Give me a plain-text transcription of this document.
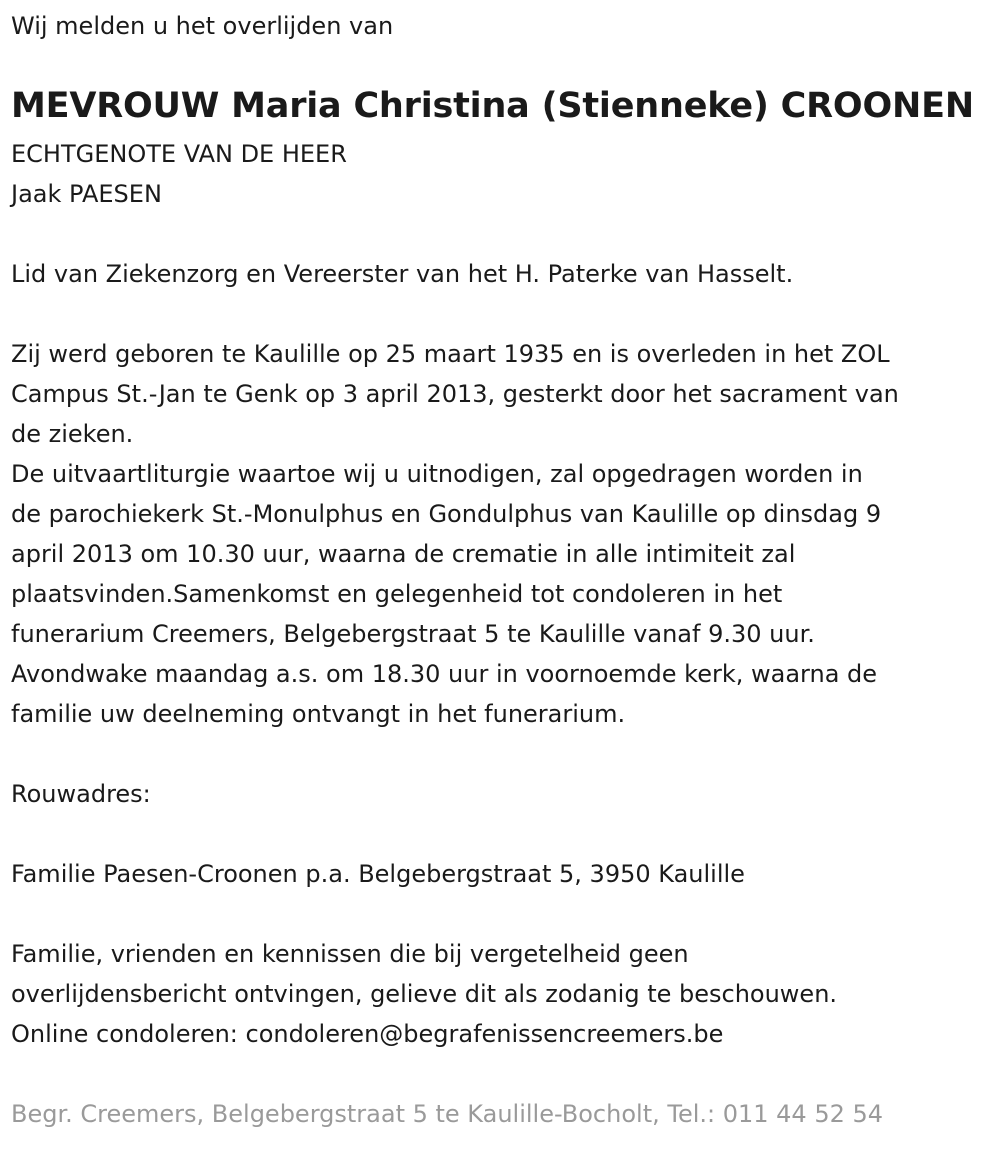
Wij melden u het overlijden van
MEVROUW Maria Christina (Stienneke) CROONEN
ECHTGENOTE VAN DE HEER
Jaak PAESEN
Lid van Ziekenzorg en Vereerster van het H. Paterke van Hasselt.
Zij werd geboren te Kaulille op 25 maart 1935 en is overleden in het ZOL
Campus St.-Jan te Genk op 3 april 2013, gesterkt door het sacrament van
de zieken.
De uitvaartliturgie waartoe wij u uitnodigen, zal opgedragen worden in
de parochiekerk St.-Monulphus en Gondulphus van Kaulille op dinsdag 9
april 2013 om 10.30 uur, waarna de crematie in alle intimiteit zal
plaatsvinden.Samenkomst en gelegenheid tot condoleren in het
funerarium Creemers, Belgebergstraat 5 te Kaulille vanaf 9.30 uur.
Avondwake maandag a.s. om 18.30 uur in voornoemde kerk, waarna de
familie uw deelneming ontvangt in het funerarium.
Rouwadres:
Familie Paesen-Croonen p.a. Belgebergstraat 5, 3950 Kaulille
Familie, vrienden en kennissen die bij vergetelheid geen
overlijdensbericht ontvingen, gelieve dit als zodanig te beschouwen.
Online condoleren: condoleren@begrafenissencreemers.be
Begr. Creemers, Belgebergstraat 5 te Kaulille-Bocholt, Tel.: 011 44 52 54
